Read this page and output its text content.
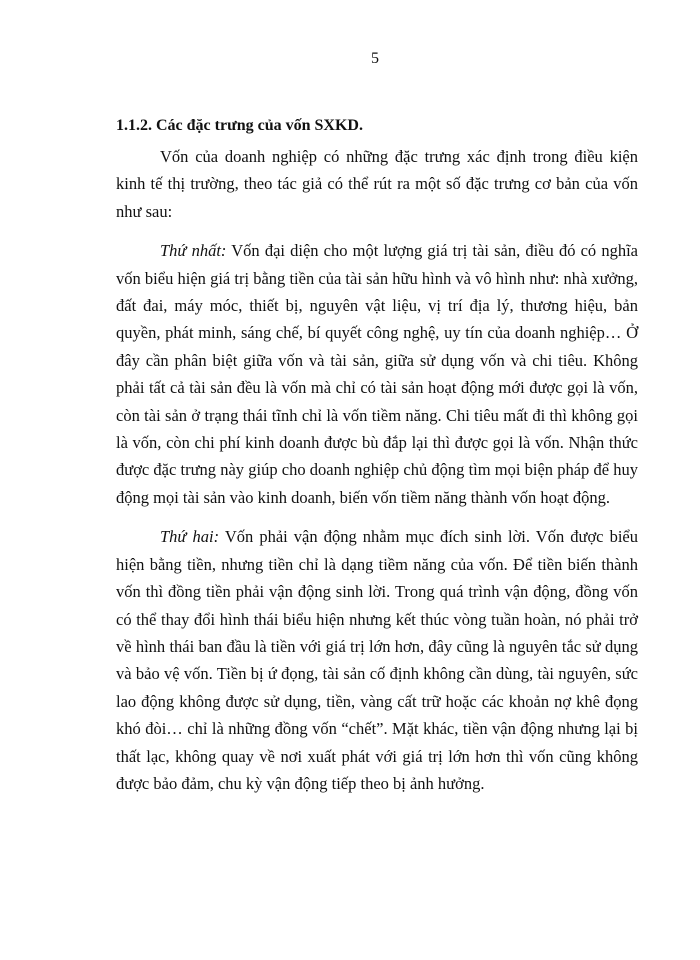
5
1.1.2. Các đặc trưng của vốn SXKD.

Vốn của doanh nghiệp có những đặc trưng xác định trong điều kiện kinh tế thị trường, theo tác giả có thể rút ra một số đặc trưng cơ bản của vốn như sau:

Thứ nhất: Vốn đại diện cho một lượng giá trị tài sản, điều đó có nghĩa vốn biểu hiện giá trị bằng tiền của tài sản hữu hình và vô hình như: nhà xưởng, đất đai, máy móc, thiết bị, nguyên vật liệu, vị trí địa lý, thương hiệu, bản quyền, phát minh, sáng chế, bí quyết công nghệ, uy tín của doanh nghiệp… Ở đây cần phân biệt giữa vốn và tài sản, giữa sử dụng vốn và chi tiêu. Không phải tất cả tài sản đều là vốn mà chỉ có tài sản hoạt động mới được gọi là vốn, còn tài sản ở trạng thái tĩnh chỉ là vốn tiềm năng. Chi tiêu mất đi thì không gọi là vốn, còn chi phí kinh doanh được bù đắp lại thì được gọi là vốn. Nhận thức được đặc trưng này giúp cho doanh nghiệp chủ động tìm mọi biện pháp để huy động mọi tài sản vào kinh doanh, biến vốn tiềm năng thành vốn hoạt động.

Thứ hai: Vốn phải vận động nhằm mục đích sinh lời. Vốn được biểu hiện bằng tiền, nhưng tiền chỉ là dạng tiềm năng của vốn. Để tiền biến thành vốn thì đồng tiền phải vận động sinh lời. Trong quá trình vận động, đồng vốn có thể thay đổi hình thái biểu hiện nhưng kết thúc vòng tuần hoàn, nó phải trở về hình thái ban đầu là tiền với giá trị lớn hơn, đây cũng là nguyên tắc sử dụng và bảo vệ vốn. Tiền bị ứ đọng, tài sản cố định không cần dùng, tài nguyên, sức lao động không được sử dụng, tiền, vàng cất trữ hoặc các khoản nợ khê đọng khó đòi… chỉ là những đồng vốn “chết”. Mặt khác, tiền vận động nhưng lại bị thất lạc, không quay về nơi xuất phát với giá trị lớn hơn thì vốn cũng không được bảo đảm, chu kỳ vận động tiếp theo bị ảnh hưởng.
